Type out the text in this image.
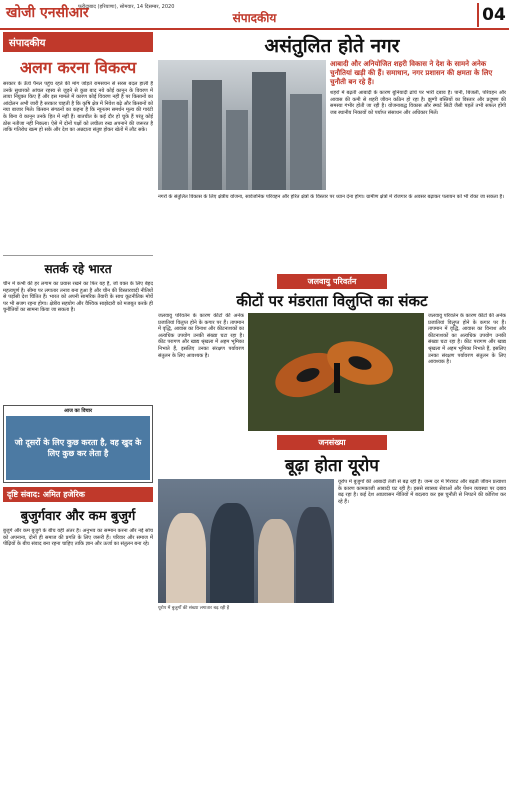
खोजी एनसीआर
फरीदाबाद (हरियाणा), सोमवार, 14 दिसम्बर, 2020
संपादकीय	04
संपादकीय
अलग करना विकल्प
सरकार के ऊँचे पैनल पहुंच रहते की मांग जोड़ते रामसचन से सरस बदल हाली है उनके सुधारको आंचल रहस्य से जुड़ने से कुछ बाद नये कोई कानून के विवरण में लाया नियुक्त किए हैं और इस मामले में कारण कोई विवरण नहीं है पर किसानों का आंदोलन अभी जारी है सरकार चाहती है कि कृषि क्षेत्र में निवेश बढ़े और किसानों को नया बाजार मिले। किसान संगठनों का कहना है कि न्यूनतम समर्थन मूल्य की गारंटी के बिना ये कानून उनके हित में नहीं हैं। बातचीत के कई दौर हो चुके हैं परंतु कोई ठोस नतीजा नहीं निकला। ऐसे में दोनों पक्षों को लचीला रुख अपनाने की जरूरत है ताकि गतिरोध खत्म हो सके और देश का अन्नदाता संतुष्ट होकर खेतों में लौट सके।
सतर्क रहे भारत
चीन में कभी की हर लगाम का प्रयास रखने का फिर यह है, जो वक्त के लिए बेहद महत्वपूर्ण है। सीमा पर लगातार तनाव बना हुआ है और चीन की विस्तारवादी नीतियों से पड़ोसी देश चिंतित हैं। भारत को अपनी सामरिक तैयारी के साथ कूटनीतिक मोर्चे पर भी सजग रहना होगा। क्षेत्रीय सहयोग और वैश्विक साझेदारी को मजबूत करके ही चुनौतियों का सामना किया जा सकता है।
आज का विचार
जो दूसरों के लिए कुछ करता है, वह खुद के लिए कुछ कर लेता है
दृष्टि संवाद: अमित हजेरिक
बुजुर्गवार और कम बुजुर्ग
बुजुर्ग और कम बुजुर्ग के बीच यही अंतर है। अनुभव का सम्मान करना और नई सोच को अपनाना, दोनों ही समाज की प्रगति के लिए जरूरी हैं। परिवार और समाज में पीढ़ियों के बीच संवाद बना रहना चाहिए ताकि ज्ञान और ऊर्जा का संतुलन बना रहे।
असंतुलित होते नगर
आबादी और अनियोजित शहरी विकास ने देश के सामने अनेक चुनौतियां खड़ी की हैं। समाधान, नगर प्रशासन की क्षमता के लिए चुनौती बन रहे हैं।
शहरों में बढ़ती आबादी के कारण बुनियादी ढांचे पर भारी दबाव है। पानी, बिजली, परिवहन और आवास की कमी से शहरी जीवन कठिन हो रहा है। झुग्गी बस्तियों का विस्तार और प्रदूषण की समस्या गंभीर होती जा रही है। योजनाबद्ध विकास और स्मार्ट सिटी जैसी पहलें तभी सफल होंगी जब स्थानीय निकायों को पर्याप्त संसाधन और अधिकार मिलें।
नगरों के संतुलित विकास के लिए क्षेत्रीय योजना, सार्वजनिक परिवहन और हरित क्षेत्रों के विस्तार पर ध्यान देना होगा। ग्रामीण क्षेत्रों में रोजगार के अवसर बढ़ाकर पलायन को भी रोका जा सकता है।
जलवायु परिवर्तन
कीटों पर मंडराता विलुप्ति का संकट
जलवायु परिवर्तन के कारण कीटों की अनेक प्रजातियां विलुप्त होने के कगार पर हैं। तापमान में वृद्धि, आवास का विनाश और कीटनाशकों का अत्यधिक उपयोग उनकी संख्या घटा रहा है। कीट परागण और खाद्य श्रृंखला में अहम भूमिका निभाते हैं, इसलिए उनका संरक्षण पर्यावरण संतुलन के लिए आवश्यक है।
जलवायु परिवर्तन के कारण कीटों की अनेक प्रजातियां विलुप्त होने के कगार पर हैं। तापमान में वृद्धि, आवास का विनाश और कीटनाशकों का अत्यधिक उपयोग उनकी संख्या घटा रहा है। कीट परागण और खाद्य श्रृंखला में अहम भूमिका निभाते हैं, इसलिए उनका संरक्षण पर्यावरण संतुलन के लिए आवश्यक है।
जनसंख्या
बूढ़ा होता यूरोप
यूरोप में बुजुर्गों की संख्या लगातार बढ़ रही है
यूरोप में बुजुर्गों की आबादी तेजी से बढ़ रही है। जन्म दर में गिरावट और बढ़ती जीवन प्रत्याशा के कारण कामकाजी आबादी घट रही है। इससे स्वास्थ्य सेवाओं और पेंशन व्यवस्था पर दबाव बढ़ रहा है। कई देश आप्रवासन नीतियों में बदलाव कर इस चुनौती से निपटने की कोशिश कर रहे हैं।
